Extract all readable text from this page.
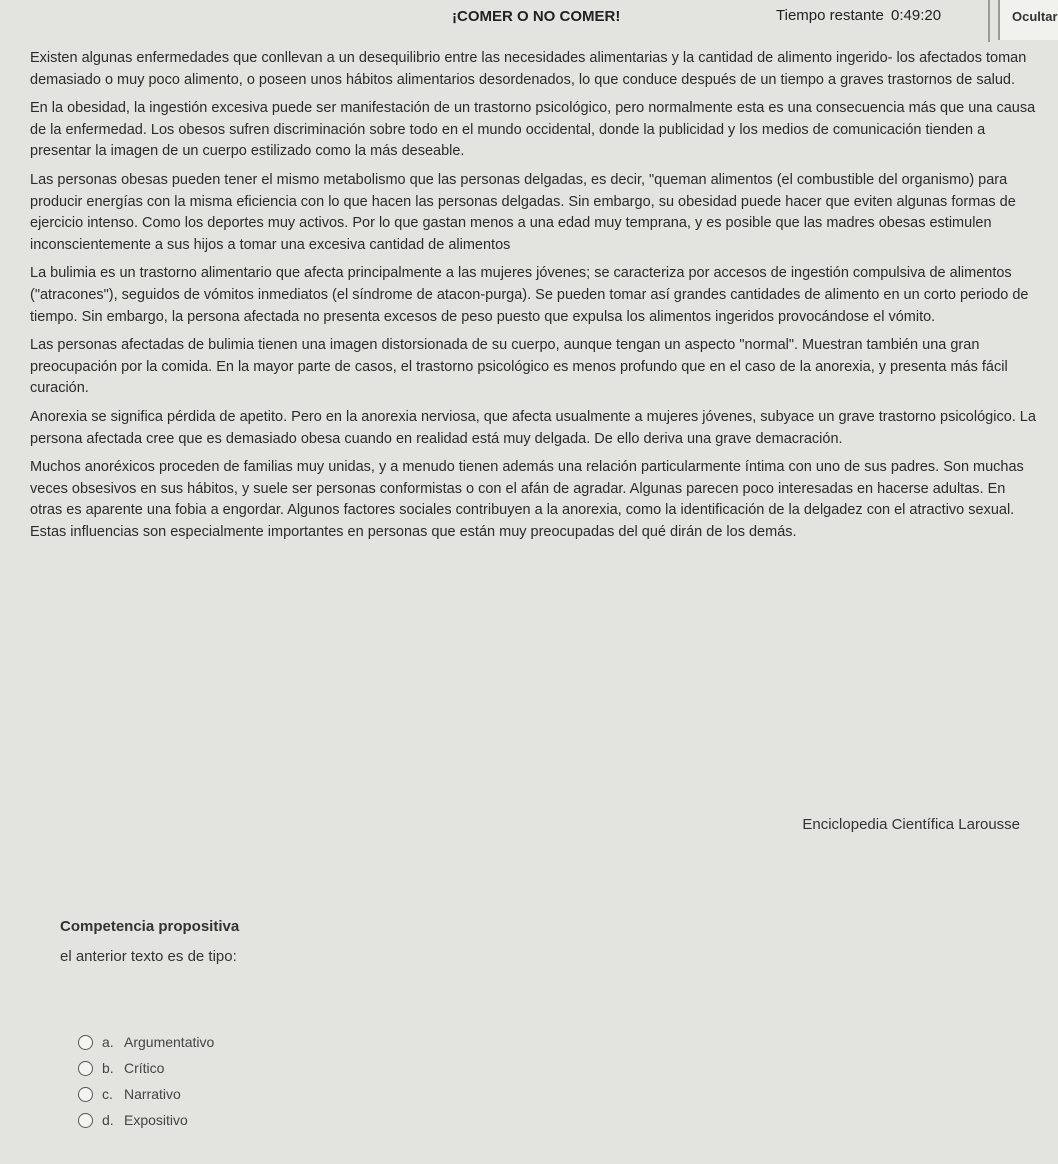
¡COMER O NO COMER!	Tiempo restante 0:49:20	Ocultar

Existen algunas enfermedades que conllevan a un desequilibrio entre las necesidades alimentarias y la cantidad de alimento ingerido- los afectados toman demasiado o muy poco alimento, o poseen unos hábitos alimentarios desordenados, lo que conduce después de un tiempo a graves trastornos de salud.

En la obesidad, la ingestión excesiva puede ser manifestación de un trastorno psicológico, pero normalmente esta es una consecuencia más que una causa de la enfermedad. Los obesos sufren discriminación sobre todo en el mundo occidental, donde la publicidad y los medios de comunicación tienden a presentar la imagen de un cuerpo estilizado como la más deseable.

Las personas obesas pueden tener el mismo metabolismo que las personas delgadas, es decir, "queman alimentos (el combustible del organismo) para producir energías con la misma eficiencia con lo que hacen las personas delgadas. Sin embargo, su obesidad puede hacer que eviten algunas formas de ejercicio intenso. Como los deportes muy activos. Por lo que gastan menos a una edad muy temprana, y es posible que las madres obesas estimulen inconscientemente a sus hijos a tomar una excesiva cantidad de alimentos

La bulimia es un trastorno alimentario que afecta principalmente a las mujeres jóvenes; se caracteriza por accesos de ingestión compulsiva de alimentos ("atracones"), seguidos de vómitos inmediatos (el síndrome de atacon-purga). Se pueden tomar así grandes cantidades de alimento en un corto periodo de tiempo. Sin embargo, la persona afectada no presenta excesos de peso puesto que expulsa los alimentos ingeridos provocándose el vómito.

Las personas afectadas de bulimia tienen una imagen distorsionada de su cuerpo, aunque tengan un aspecto "normal". Muestran también una gran preocupación por la comida. En la mayor parte de casos, el trastorno psicológico es menos profundo que en el caso de la anorexia, y presenta más fácil curación.

Anorexia se significa pérdida de apetito. Pero en la anorexia nerviosa, que afecta usualmente a mujeres jóvenes, subyace un grave trastorno psicológico. La persona afectada cree que es demasiado obesa cuando en realidad está muy delgada. De ello deriva una grave demacración.

Muchos anoréxicos proceden de familias muy unidas, y a menudo tienen además una relación particularmente íntima con uno de sus padres. Son muchas veces obsesivos en sus hábitos, y suele ser personas conformistas o con el afán de agradar. Algunas parecen poco interesadas en hacerse adultas. En otras es aparente una fobia a engordar. Algunos factores sociales contribuyen a la anorexia, como la identificación de la delgadez con el atractivo sexual. Estas influencias son especialmente importantes en personas que están muy preocupadas del qué dirán de los demás.

Enciclopedia Científica Larousse
Competencia propositiva
el anterior texto es de tipo:
a. Argumentativo
b. Crítico
c. Narrativo
d. Expositivo
